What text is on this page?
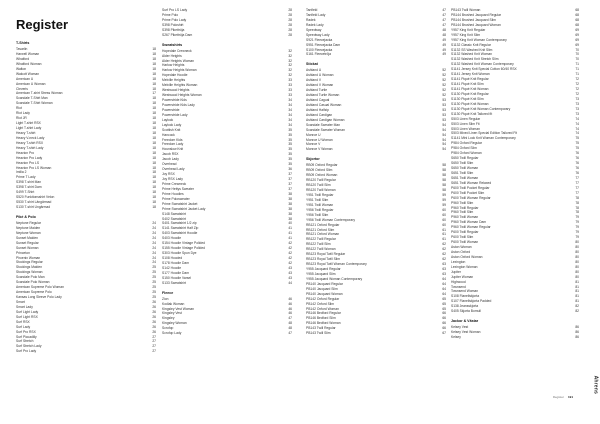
Register
T-Shirts
Tavarlin	18
Harwell Woman	18
Whalford	18
Whalford Woman	18
Walton	18
Walcott Woman	18
American U	18
American U Woman	18
Cleveris	18
American T-shirt Stress Woman	17
Scandale T-Shirt Man	18
Scandale T-Shirt Woman	18
Riot	18
Riot Lady	18
Riot JR	18
Light T-shirt RSX	18
Light T-shirt Lady	18
Heavy T-shirt	18
Heavy V-neck Lady	18
Heavy T-shirt RSX	18
Heavy T-shirt Lady	18
Heavion Pro	18
Heavion Pro Lady	18
Heavion Pro LS	18
Heavion Pro LS Woman	18
Imilia 2	18
Prime T Lady	18
S398 T-shirt Man	18
S398 T-shirt Dam	18
S499 T-Shirt	18
S520 Funktionsshirt Velon	18
S530 T-shirt Längärmad	18
S130 T-shirt Ungärmad	18
Piké & Polo
Neptune Regular	24
Neptune Maiden	24
Neptune Woman	24
Sunset Maiden	24
Sunset Regular	24
Sunset Woman	24
Princeton	24
Phoenix Woman	24
Stockings Regular	24
Stockings Maiden	25
Stockings Woman	25
Scandale Polo Man	25
Scandale Polo Woman	25
American Supreme Polo Woman	25
American Supreme Polo	25
Kansas Long Sleeve Polo Lady	25
Smart	26
Smart Lady	26
Surf Light Lady	26
Surf Light RSX	26
Surf RSX	26
Surf Lady	26
Surf Pro RSX	26
Surf Piccadilly	27
Surf Stretch	27
Surf Stretch Lady	27
Surf Pro Lady	27
Surf Pro LS Lady	28
Prime Polo	28
Prime Polo Lady	28
S398 Poloshirt	28
S398 Pikettröja	28
S267 Pikettröja Dam	28
Sweatshirts
Hopedale Crewneck	32
Alder Heights	32
Alder Heights Woman	32
Harlow Heights	32
Harlow Heights Woman	32
Hopedale Hoodie	32
Melville Heights	33
Melville Heights Woman	33
Westwood Heights	33
Westwood Heights Woman	33
Powerstride Kids	34
Powerstride Kids Lady	34
Powerstride	34
Powerstride Lady	34
Laylock	34
Laylock Lady	34
Scottish Knit	35
Hancock	35
Freedom Kids	35
Freedom Lady	35
Hounslow Knit	35
Jacob RSX	35
Jacob Lady	35
Overhead	35
Overhead Lady	36
Joy RSX	37
Joy RSX Lady	37
Prime Crewneck	37
Prime Hettys Sweater	37
Prime Hoodies	38
Prime Polosweater	38
Prime Sweatshirt Jacket	38
Prime Sweatshirt Jacket Lady	38
S148 Sweatshirt	38
S402 Sweatshirt	38
S401 Sweatshirt 1/2 zip	40
S141 Sweatshirt Half Zip	41
S403 Sweatshirt Hoodie	41
S403 Hoodie	41
S154 Hoodie Vintage Polided	42
S155 Hoodie Vintage Polided	42
S303 Hoodie Spun Dye	42
S108 Hooded	42
S178 Hoodie Dam	42
S142 Hoodie	43
S177 Hoodie Dam	43
S150 Hoodie Varsel	43
S133 Sweatshirt	44
Fleece
Zion	46
Kodiak Woman	46
Kingsley Vest Woman	46
Kingsley Vest	46
Kingsley	47
Kingsley Woman	48
Scrofop	48
Scrofop Lady	47
Tanfield	47
Tanfield Lady	47
Radek	47
Radek Lady	47
Speedway	48
Speedway Lady	48
S921 Fleecejacka	49
S951 Fleecejacka Dam	49
S100 Fleecejacka	49
S161 Fleecetröja	49
Stickat
Ashland U	52
Ashland U Woman	52
Ashland V	52
Ashland V Woman	52
Ashland Turtle	52
Ashland Turtle Woman	52
Ashland Cagual	53
Ashland Casual Woman	53
Ashland Halfzip	53
Ashland Cardigan	53
Ashland Cardigan Woman	53
Scandale Sweater Man	54
Scandale Sweater Woman	54
Monroe U	54
Monroe U Woman	54
Monroe V	54
Monroe V Woman	54
Skjortor
RB09 Oxford Regular	58
RB09 Oxford Slim	58
RB09 Oxford Woman	58
RB120 Twill Regular	58
RB120 Twill Slim	58
RB120 Twill Woman	58
Y951 Twill Regular	59
Y951 Twill Slim	59
Y951 Twill Woman	59
Y956 Twill Regular	60
Y956 Twill Slim	60
Y956 Twill Woman Contemporary	60
RB121 Oxford Regular	60
RB121 Oxford Slim	61
RB121 Oxford Woman	61
RB122 Twill Regular	61
RB122 Twill Slim	62
RB122 Twill Woman	62
RB123 Royal Twill Regular	62
RB123 Royal Twill Slim	62
RB123 Royal Twill Woman Contemporary	63
Y955 Jacquard Regular	63
Y955 Jacquard Slim	63
Y955 Jacquard Woman Contemporary	64
PB140 Jacquard Regular	64
PB140 Jacquard Slim	64
PB140 Jacquard Woman	64
PB142 Oxford Regular	65
PB142 Oxford Slim	65
PB142 Oxford Woman	65
PB146 Bedford Regular	66
PB146 Bedford Slim	66
PB146 Bedford Woman	66
PB143 Twill Regular	66
PB143 Twill Slim	67
PB143 Twill Woman	68
PB144 Brushed Jacquard Regular	68
PB144 Brushed Jacquard Slim	68
PB144 Brushed Jacquard Woman	68
Y957 King Knit Regular	69
Y957 King Knit Slim	69
Y957 King Knit Woman Contemporary	69
S1132 Classic Knit Regular	69
S1132 SS Washed Knit Slim	70
S1132 Washed Knit Woman	70
S1132 Washed Knit Stretch Slim	70
S1132 Washed Knit Woman Contemporary	71
S1141 Jersey Knit Special Cotton 60/40 RSX	71
S1141 Jersey Knit Woman	71
S1141 Piqué Knit Regular	72
S1141 Piqué Knit Slim	72
S1141 Piqué Knit Woman	72
S1130 Piqué Knit Regular	72
S1130 Piqué Knit Slim	73
S1130 Piqué Knit Woman	73
S1130 Piqué Knit Woman Contemporary	73
S1130 Piqué Knit Tailored fit	73
S503 Linen Regular	74
S503 Linen Slim Fit	74
S503 Linen Woman	74
S503 Mixed Linen Special Edition Tailored Fit	74
S1141 Mini Lock Knit Woman Contemporary	75
P984 Oxford Regular	75
P984 Oxford Slim	75
P984 Oxford Woman	76
S650 Twill Regular	76
S650 Twill Slim	76
S650 Twill Woman	76
S651 Twill Slim	76
S651 Twill Woman	77
S651 Twill Woman Relaxed	77
P600 Twill Pocket Regular	77
P600 Twill Pocket Slim	77
P600 Twill Woman Regular	78
P960 Twill Slim	78
P960 Twill Regular	78
P960 Twill Slim	78
P960 Twill Woman	79
P960 Twill Woman Dam	79
P960 Twill Woman Regular	79
P600 Twill Regular	79
P600 Twill Slim	79
P600 Twill Woman	80
Aston Woman	80
Aston Oxford	80
Aston Oxford Woman	80
Lexington	80
Lexington Woman	80
Jupiter	80
Jupiter Woman	80
Highwood	81
Townsend	81
Townsend Woman	81
S108 Flanellskjorta	81
S107 Flanellskjorta Padded	81
S138 Jeansskjorta	82
S405 Skjorta Bomull	82
Jackor & Västar
Kelsey Vest	86
Kelsey Vest Woman	86
Kelsey	86
Register 191
Ahrens
